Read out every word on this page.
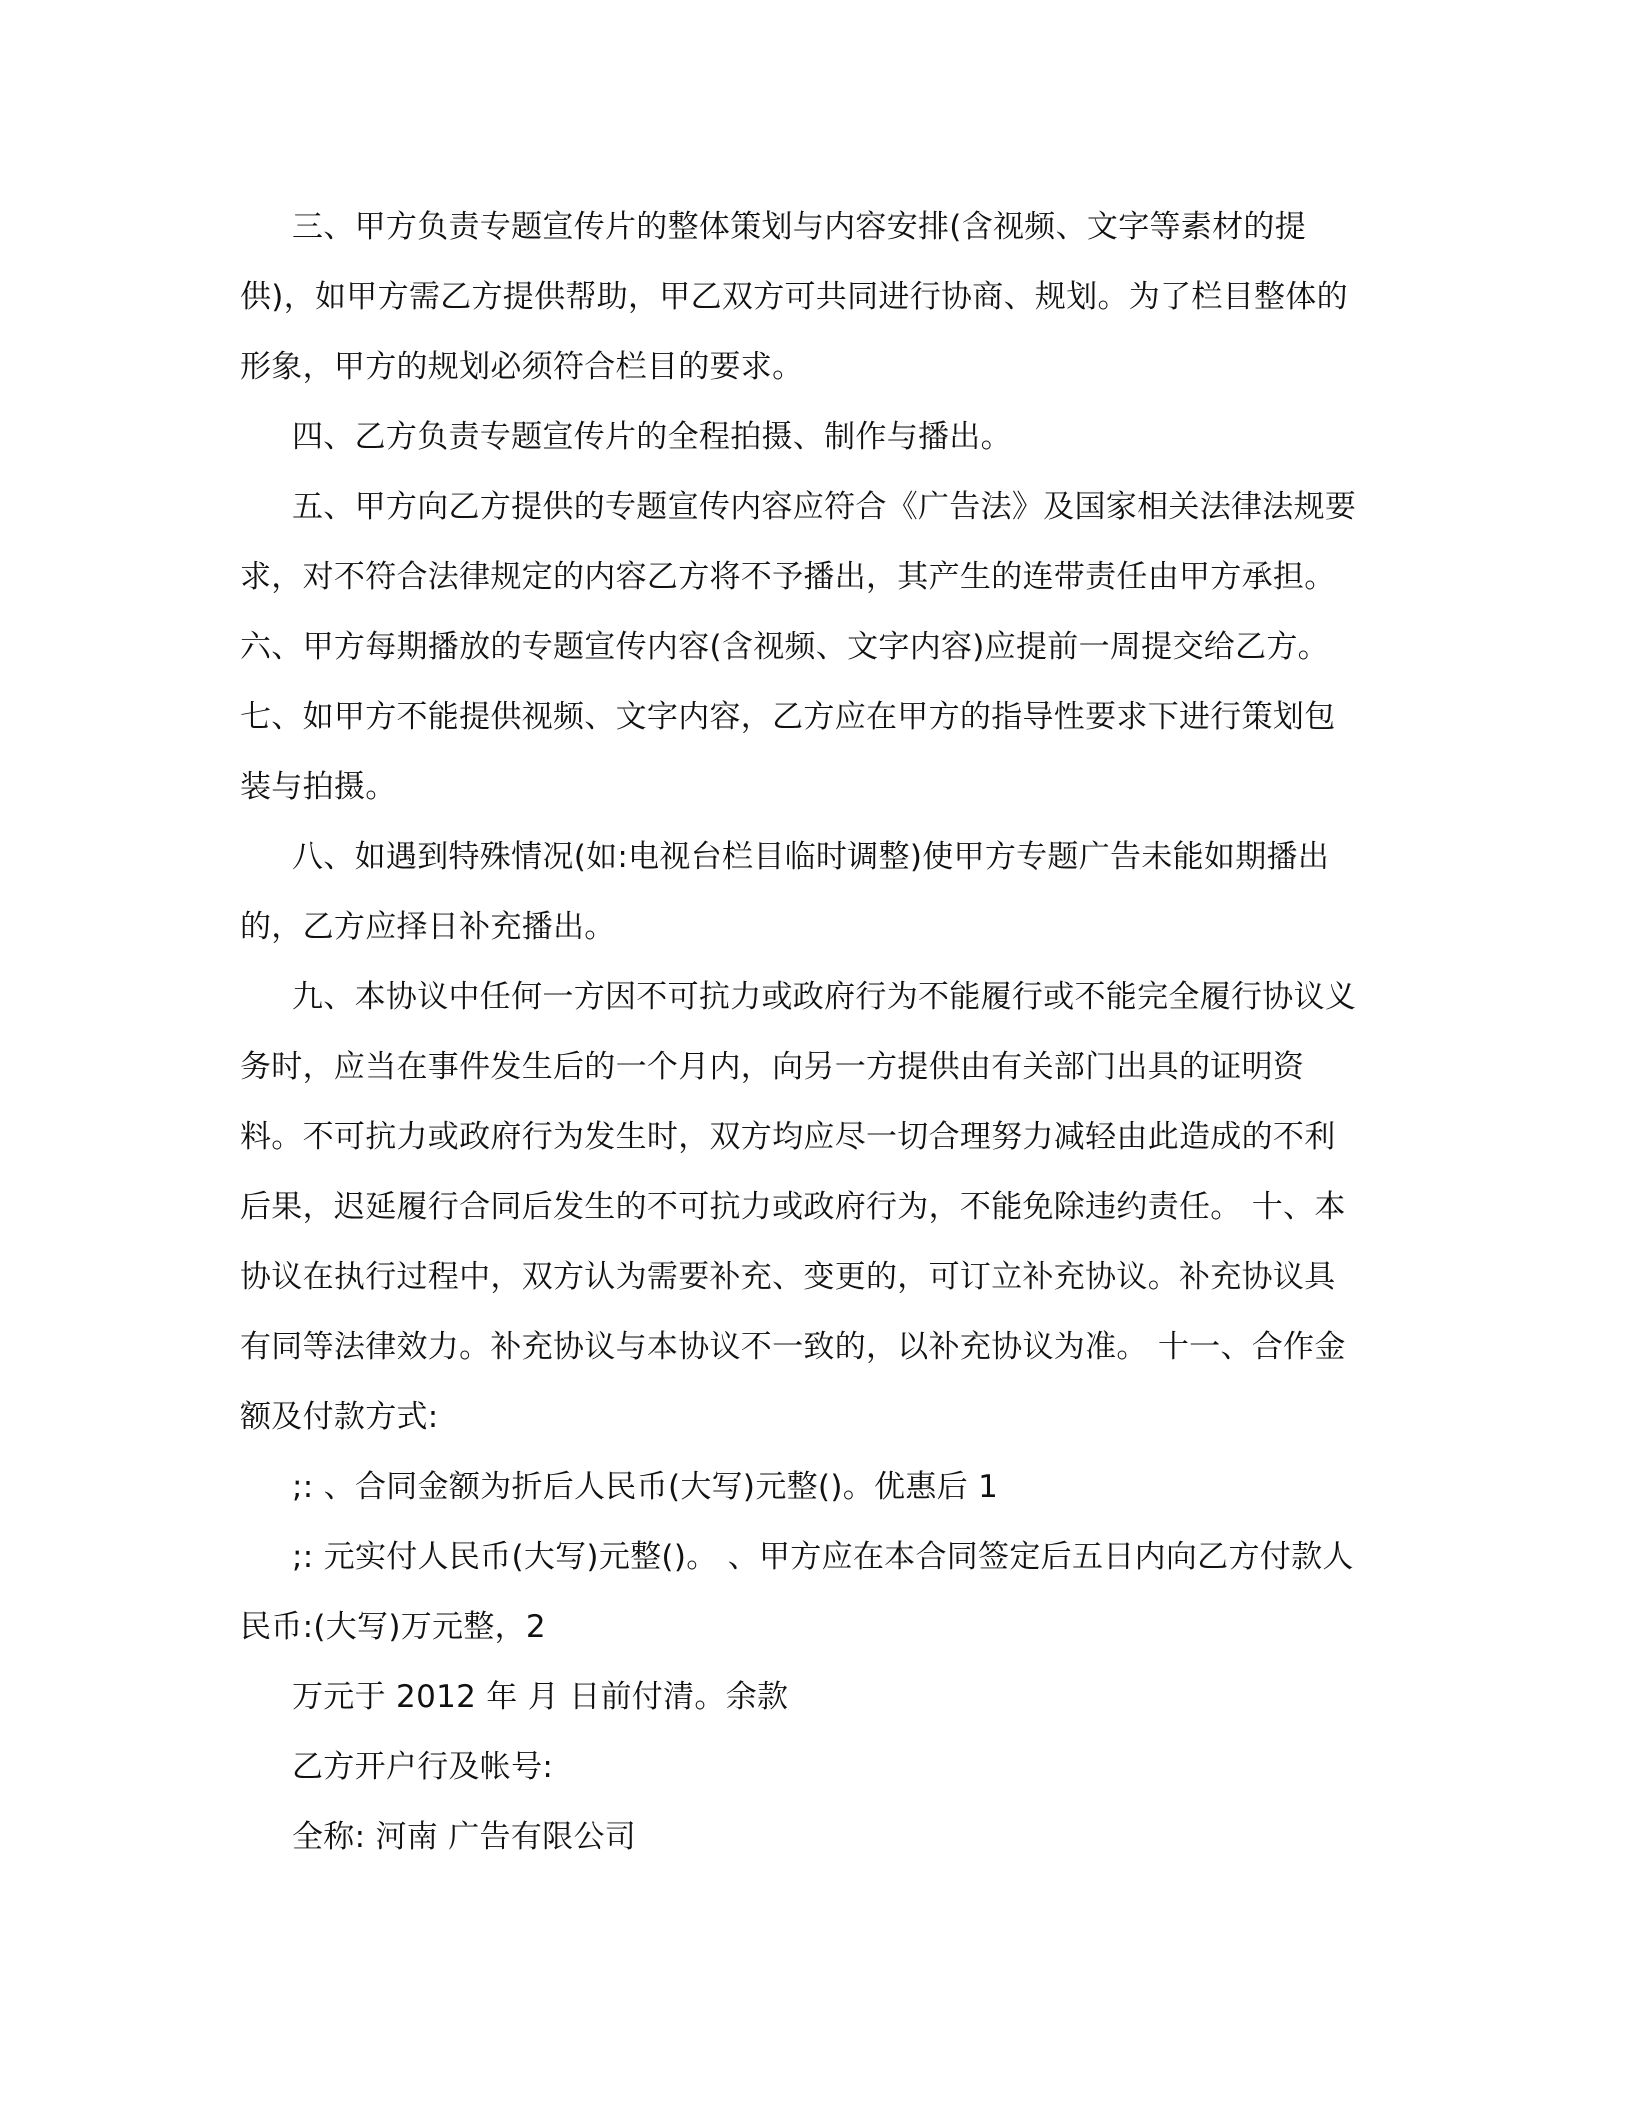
三、甲方负责专题宣传片的整体策划与内容安排(含视频、文字等素材的提
供)，如甲方需乙方提供帮助，甲乙双方可共同进行协商、规划。为了栏目整体的
形象，甲方的规划必须符合栏目的要求。
四、乙方负责专题宣传片的全程拍摄、制作与播出。
五、甲方向乙方提供的专题宣传内容应符合《广告法》及国家相关法律法规要
求，对不符合法律规定的内容乙方将不予播出，其产生的连带责任由甲方承担。
六、甲方每期播放的专题宣传内容(含视频、文字内容)应提前一周提交给乙方。
七、如甲方不能提供视频、文字内容，乙方应在甲方的指导性要求下进行策划包
装与拍摄。
八、如遇到特殊情况(如:电视台栏目临时调整)使甲方专题广告未能如期播出
的，乙方应择日补充播出。
九、本协议中任何一方因不可抗力或政府行为不能履行或不能完全履行协议义
务时，应当在事件发生后的一个月内，向另一方提供由有关部门出具的证明资
料。不可抗力或政府行为发生时，双方均应尽一切合理努力减轻由此造成的不利
后果，迟延履行合同后发生的不可抗力或政府行为，不能免除违约责任。 十、本
协议在执行过程中，双方认为需要补充、变更的，可订立补充协议。补充协议具
有同等法律效力。补充协议与本协议不一致的，以补充协议为准。 十一、合作金
额及付款方式:
;: 、合同金额为折后人民币(大写)元整()。优惠后 1
;: 元实付人民币(大写)元整()。 、甲方应在本合同签定后五日内向乙方付款人
民币:(大写)万元整，2
万元于 2012 年 月 日前付清。余款
乙方开户行及帐号:
全称: 河南 广告有限公司
